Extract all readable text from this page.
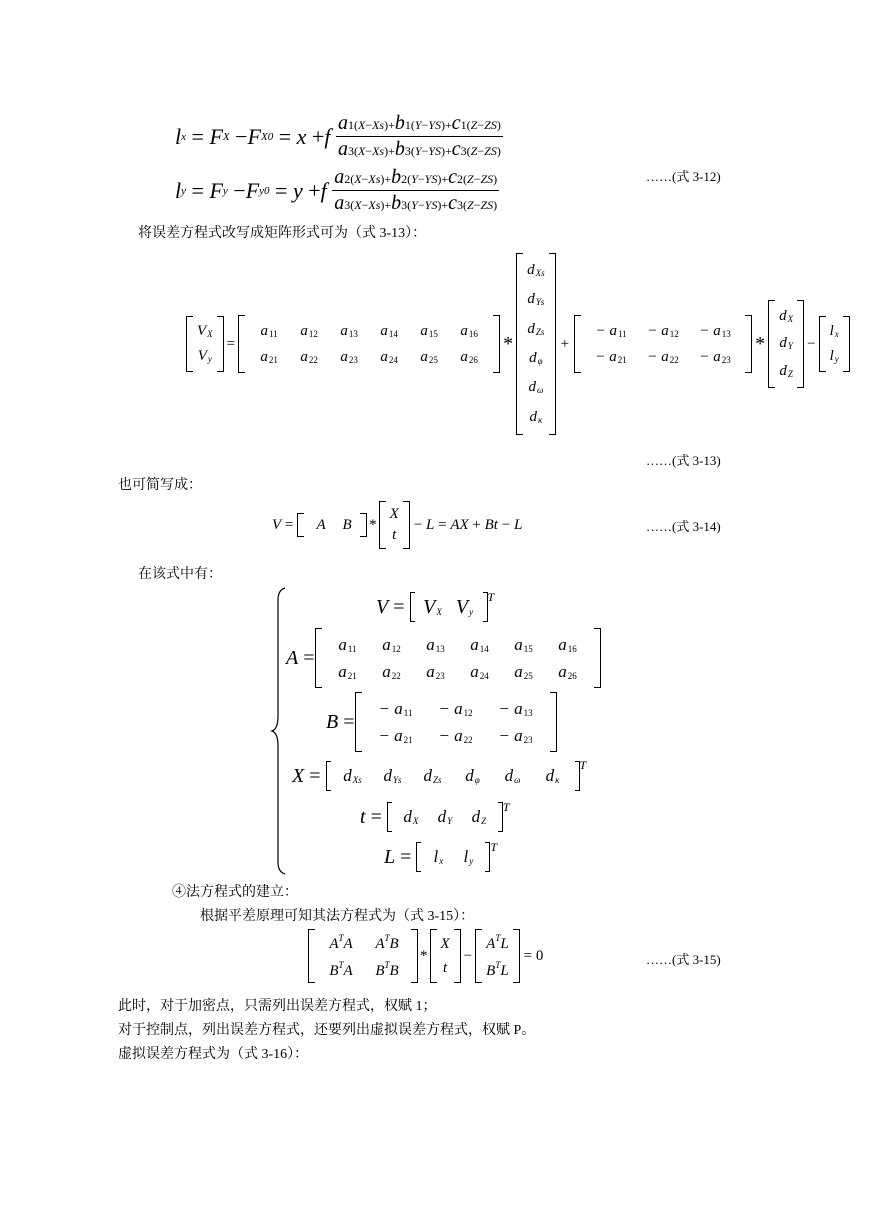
l x = F X − F X0 = x + f $\frac{a1(X-Xs)+b1(Y-YS)+c1(Z-ZS)}{a3(X-Xs)+b3(Y-YS)+c3(Z-ZS)}$
l y = F y − F y0 = y + f $\frac{a2(X-Xs)+b2(Y-YS)+c2(Z-ZS)}{a3(X-Xs)+b3(Y-YS)+c3(Z-ZS)}$	……(式 3-12)
将误差方程式改写成矩阵形式可为（式 3-13）：
VX
Vy
=
a11 a12 a13 a14 a15 a16
a21 a22 a23 a24 a25 a26
*
dXs
dYs
dZs
dφ
dω
dκ
+
− a11 − a12 − a13
− a21 − a22 − a23
*
dX
dY
dZ
−
lx
ly
……(式 3-13)
也可简写成：
V = A B *
X
t
− L = AX + Bt − L	……(式 3-14)
在该式中有：
V = VX Vy
T
A =
a11 a12 a13 a14 a15 a16
a21 a22 a23 a24 a25 a26
B =
− a11 − a12 − a13
− a21 − a22 − a23
X = dXs dYs dZs dφ dω dκ
T
t = dX dY dZ
T
L = lx ly
T
④法方程式的建立：
根据平差原理可知其法方程式为（式 3-15）：
$A^TA$ $A^TB$
$B^TA$ $B^TB$
*
X
t
−
$A^TL$
$B^TL$
= 0	……(式 3-15)
此时，对于加密点，只需列出误差方程式，权赋 1；
对于控制点，列出误差方程式，还要列出虚拟误差方程式，权赋 P。
虚拟误差方程式为（式 3-16）：
